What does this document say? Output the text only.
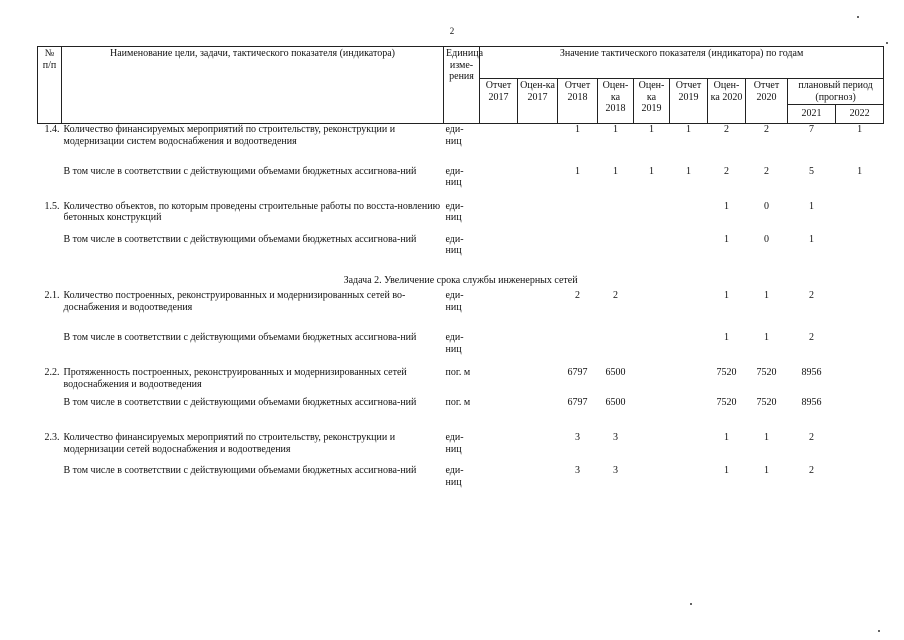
2
№ п/п	Наименование цели, задачи, тактического показателя (индикатора)	Единица изме-рения	Значение тактического показателя (индикатора) по годам									
			Отчет 2017	Оцен-ка 2017	Отчет 2018	Оцен-ка 2018	Оцен-ка 2019	Отчет 2019	Оцен-ка 2020	Отчет 2020	плановый период (прогноз)	
											2021	2022
1.4.	Количество финансируемых мероприятий по строительству, реконструкции и модернизации систем водоснабжения и водоотведения	еди-ниц			1	1	1	1	2	2	7	1
	В том числе в соответствии с действующими объемами бюджетных ассигнова-ний	еди-ниц			1	1	1	1	2	2	5	1
1.5.	Количество объектов, по которым проведены строительные работы по восста-новлению бетонных конструкций	еди-ниц							1	0	1	
	В том числе в соответствии с действующими объемами бюджетных ассигнова-ний	еди-ниц							1	0	1	
Задача 2. Увеличение срока службы инженерных сетей												
2.1.	Количество построенных, реконструированных и модернизированных сетей во-доснабжения и водоотведения	еди-ниц			2	2			1	1	2	
	В том числе в соответствии с действующими объемами бюджетных ассигнова-ний	еди-ниц							1	1	2	
2.2.	Протяженность построенных, реконструированных и модернизированных сетей водоснабжения и водоотведения	пог. м			6797	6500			7520	7520	8956	
	В том числе в соответствии с действующими объемами бюджетных ассигнова-ний	пог. м			6797	6500			7520	7520	8956	
2.3.	Количество финансируемых мероприятий по строительству, реконструкции и модернизации сетей водоснабжения и водоотведения	еди-ниц			3	3			1	1	2	
	В том числе в соответствии с действующими объемами бюджетных ассигнова-ний	еди-ниц			3	3			1	1	2	
